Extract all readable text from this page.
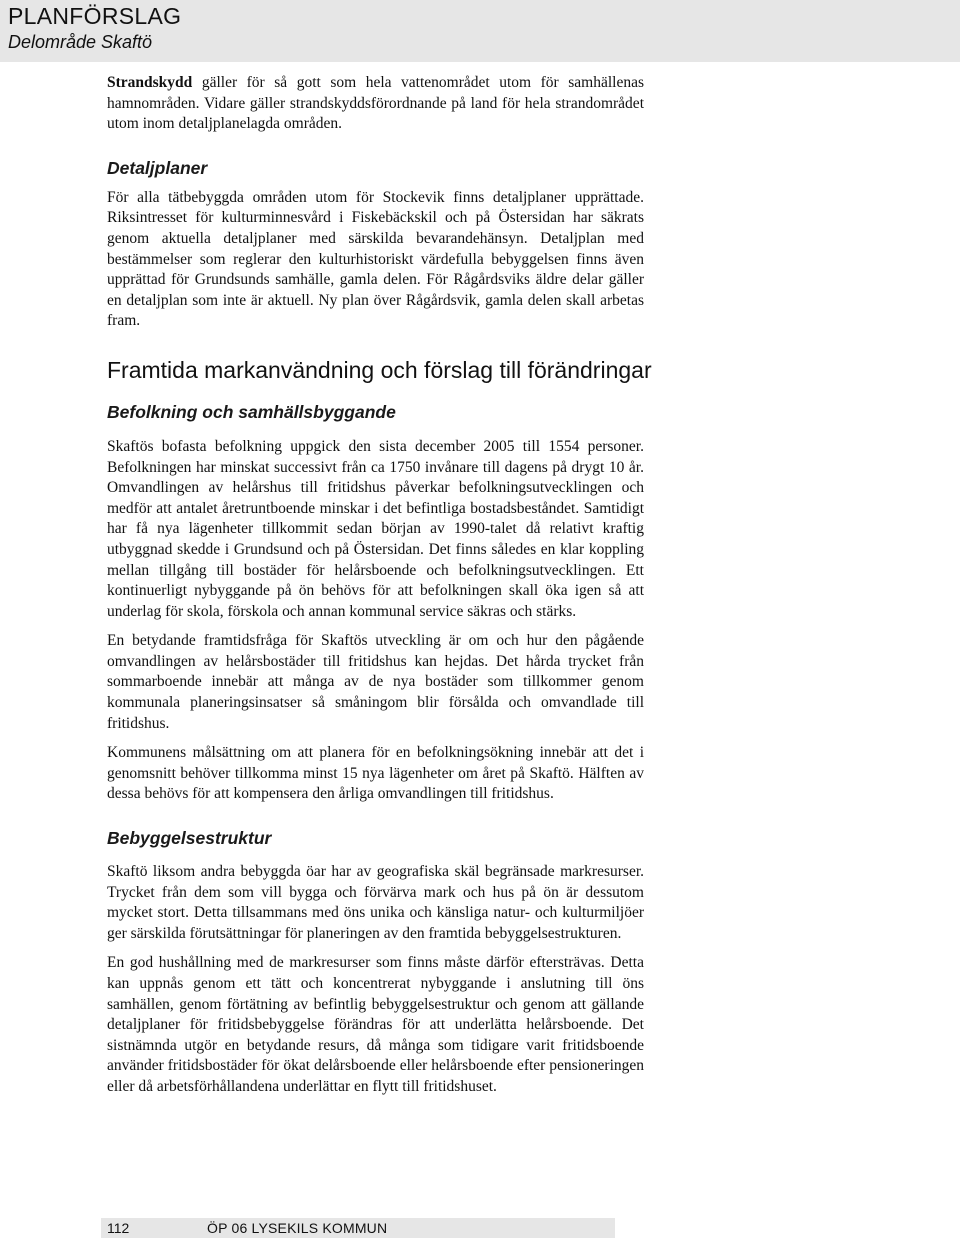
PLANFÖRSLAG
Delområde Skaftö

Strandskydd gäller för så gott som hela vattenområdet utom för samhällenas hamnområden. Vidare gäller strandskyddsförordnande på land för hela strandområdet utom inom detaljplanelagda områden.

Detaljplaner

För alla tätbebyggda områden utom för Stockevik finns detaljplaner upprättade. Riksintresset för kulturminnesvård i Fiskebäckskil och på Östersidan har säkrats genom aktuella detaljplaner med särskilda bevarandehänsyn. Detaljplan med bestämmelser som reglerar den kulturhistoriskt värdefulla bebyggelsen finns även upprättad för Grundsunds samhälle, gamla delen. För Rågårdsviks äldre delar gäller en detaljplan som inte är aktuell. Ny plan över Rågårdsvik, gamla delen skall arbetas fram.

Framtida markanvändning och förslag till förändringar
Befolkning och samhällsbyggande

Skaftös bofasta befolkning uppgick den sista december 2005 till 1554 personer. Befolkningen har minskat successivt från ca 1750 invånare till dagens på drygt 10 år. Omvandlingen av helårshus till fritidshus påverkar befolkningsutvecklingen och medför att antalet åretruntboende minskar i det befintliga bostadsbeståndet. Samtidigt har få nya lägenheter tillkommit sedan början av 1990-talet då relativt kraftig utbyggnad skedde i Grundsund och på Östersidan. Det finns således en klar koppling mellan tillgång till bostäder för helårsboende och befolkningsutvecklingen. Ett kontinuerligt nybyggande på ön behövs för att befolkningen skall öka igen så att underlag för skola, förskola och annan kommunal service säkras och stärks.

En betydande framtidsfråga för Skaftös utveckling är om och hur den pågående omvandlingen av helårsbostäder till fritidshus kan hejdas. Det hårda trycket från sommarboende innebär att många av de nya bostäder som tillkommer genom kommunala planeringsinsatser så småningom blir försålda och omvandlade till fritidshus.

Kommunens målsättning om att planera för en befolkningsökning innebär att det i genomsnitt behöver tillkomma minst 15 nya lägenheter om året på Skaftö. Hälften av dessa behövs för att kompensera den årliga omvandlingen till fritidshus.

Bebyggelsestruktur

Skaftö liksom andra bebyggda öar har av geografiska skäl begränsade markresurser. Trycket från dem som vill bygga och förvärva mark och hus på ön är dessutom mycket stort. Detta tillsammans med öns unika och känsliga natur- och kulturmiljöer ger särskilda förutsättningar för planeringen av den framtida bebyggelsestrukturen.

En god hushållning med de markresurser som finns måste därför eftersträvas. Detta kan uppnås genom ett tätt och koncentrerat nybyggande i anslutning till öns samhällen, genom förtätning av befintlig bebyggelsestruktur och genom att gällande detaljplaner för fritidsbebyggelse förändras för att underlätta helårsboende. Det sistnämnda utgör en betydande resurs, då många som tidigare varit fritidsboende använder fritidsbostäder för ökat delårsboende eller helårsboende efter pensioneringen eller då arbetsförhållandena underlättar en flytt till fritidshuset.

112	ÖP 06 LYSEKILS KOMMUN
